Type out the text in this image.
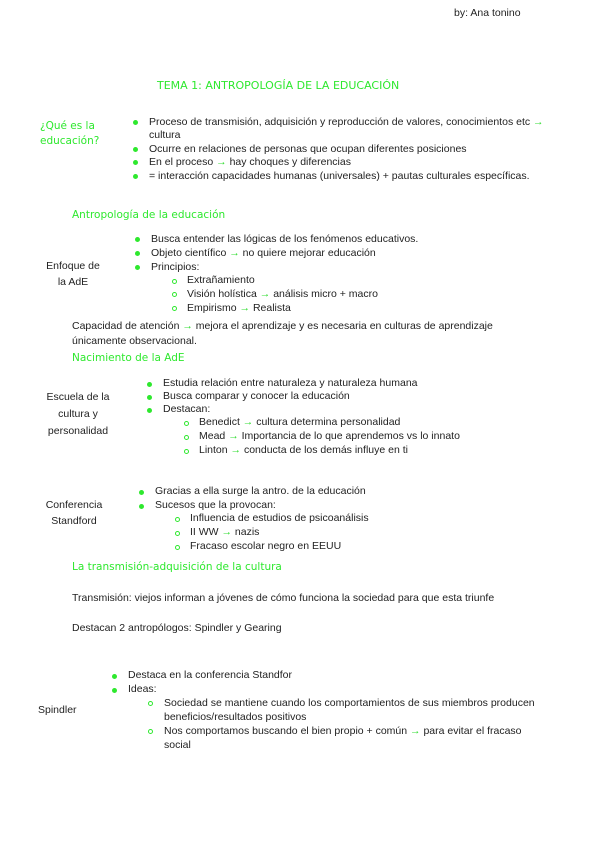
by: Ana tonino
TEMA 1: ANTROPOLOGÍA DE LA EDUCACIÓN
¿Qué es la
educación?
Proceso de transmisión, adquisición y reproducción de valores, conocimientos etc →
cultura
Ocurre en relaciones de personas que ocupan diferentes posiciones
En el proceso → hay choques y diferencias
= interacción capacidades humanas (universales) + pautas culturales específicas.
Antropología de la educación
Enfoque de
la AdE
Busca entender las lógicas de los fenómenos educativos.
Objeto científico → no quiere mejorar educación
Principios:
Extrañamiento
Visión holística → análisis micro + macro
Empirismo → Realista
Capacidad de atención → mejora el aprendizaje y es necesaria en culturas de aprendizaje
únicamente observacional.
Nacimiento de la AdE
Escuela de la
cultura y
personalidad
Estudia relación entre naturaleza y naturaleza humana
Busca comparar y conocer la educación
Destacan:
Benedict → cultura determina personalidad
Mead → Importancia de lo que aprendemos vs lo innato
Linton → conducta de los demás influye en ti
Conferencia
Standford
Gracias a ella surge la antro. de la educación
Sucesos que la provocan:
Influencia de estudios de psicoanálisis
II WW → nazis
Fracaso escolar negro en EEUU
La transmisión-adquisición de la cultura
Transmisión: viejos informan a jóvenes de cómo funciona la sociedad para que esta triunfe
Destacan 2 antropólogos: Spindler y Gearing
Spindler
Destaca en la conferencia Standfor
Ideas:
Sociedad se mantiene cuando los comportamientos de sus miembros producen
beneficios/resultados positivos
Nos comportamos buscando el bien propio + común → para evitar el fracaso
social
